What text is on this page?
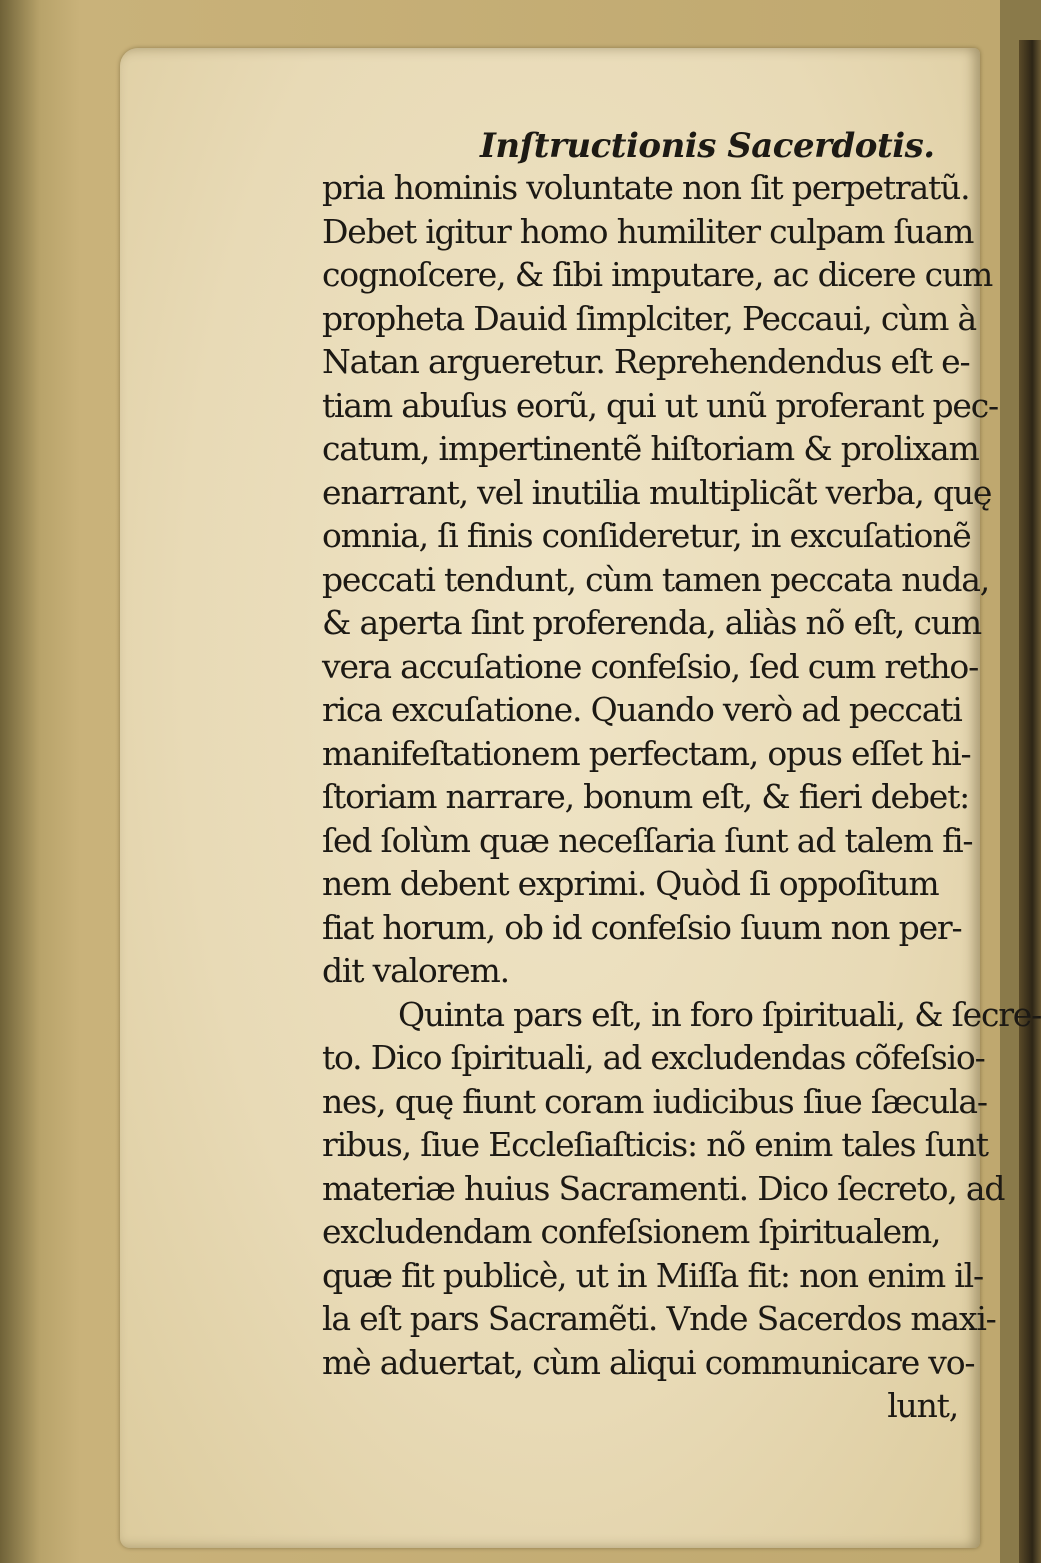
Inſtructionis Sacerdotis.
pria hominis voluntate non ſit perpetratũ.
Debet igitur homo humiliter culpam ſuam
cognoſcere, & ſibi imputare, ac dicere cum
propheta Dauid ſimplciter, Peccaui, cùm à
Natan argueretur. Reprehendendus eſt e-
tiam abuſus eorũ, qui ut unũ proferant pec-
catum, impertinentẽ hiſtoriam & prolixam
enarrant, vel inutilia multiplicãt verba, quę
omnia, ſi finis conſideretur, in excuſationẽ
peccati tendunt, cùm tamen peccata nuda,
& aperta ſint proferenda, aliàs nõ eſt, cum
vera accuſatione confeſsio, ſed cum retho-
rica excuſatione. Quando verò ad peccati
manifeſtationem perfectam, opus eſſet hi-
ſtoriam narrare, bonum eſt, & fieri debet:
ſed ſolùm quæ neceſſaria ſunt ad talem fi-
nem debent exprimi. Quòd ſi oppoſitum
fiat horum, ob id confeſsio ſuum non per-
dit valorem.
Quinta pars eſt, in foro ſpirituali, & ſecre-
to. Dico ſpirituali, ad excludendas cõfeſsio-
nes, quę fiunt coram iudicibus ſiue ſæcula-
ribus, ſiue Eccleſiaſticis: nõ enim tales ſunt
materiæ huius Sacramenti. Dico ſecreto, ad
excludendam confeſsionem ſpiritualem,
quæ fit publicè, ut in Miſſa fit: non enim il-
la eſt pars Sacramẽti. Vnde Sacerdos maxi-
mè aduertat, cùm aliqui communicare vo-
lunt,
